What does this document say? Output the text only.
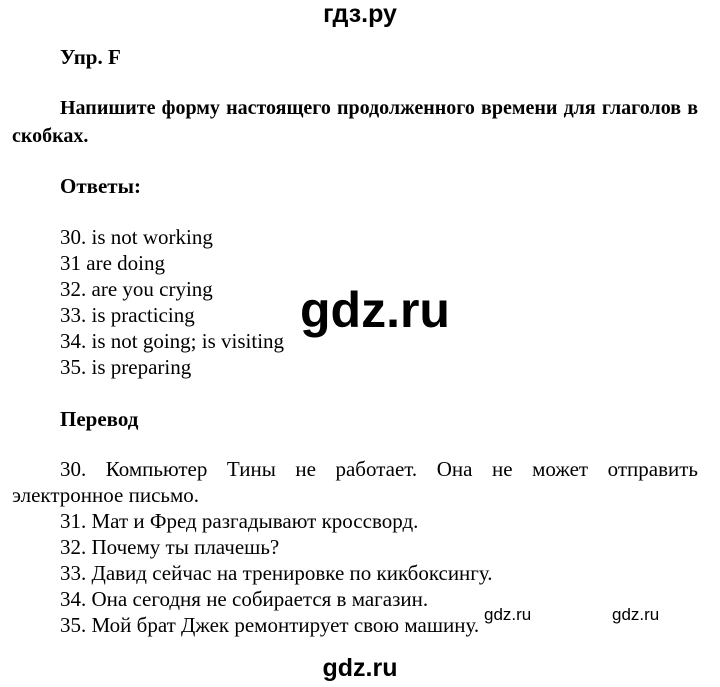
гдз.ру
Упр. F
Напишите форму настоящего продолженного времени для глаголов в скобках.
Ответы:
30. is not working
31 are doing
32. are you crying
33. is practicing
34. is not going; is visiting
35. is preparing
Перевод
30. Компьютер Тины не работает. Она не может отправить электронное письмо.
31. Мат и Фред разгадывают кроссворд.
32. Почему ты плачешь?
33. Давид сейчас на тренировке по кикбоксингу.
34. Она сегодня не собирается в магазин.
35. Мой брат Джек ремонтирует свою машину.
gdz.ru
gdz.ru	gdz.ru
gdz.ru
